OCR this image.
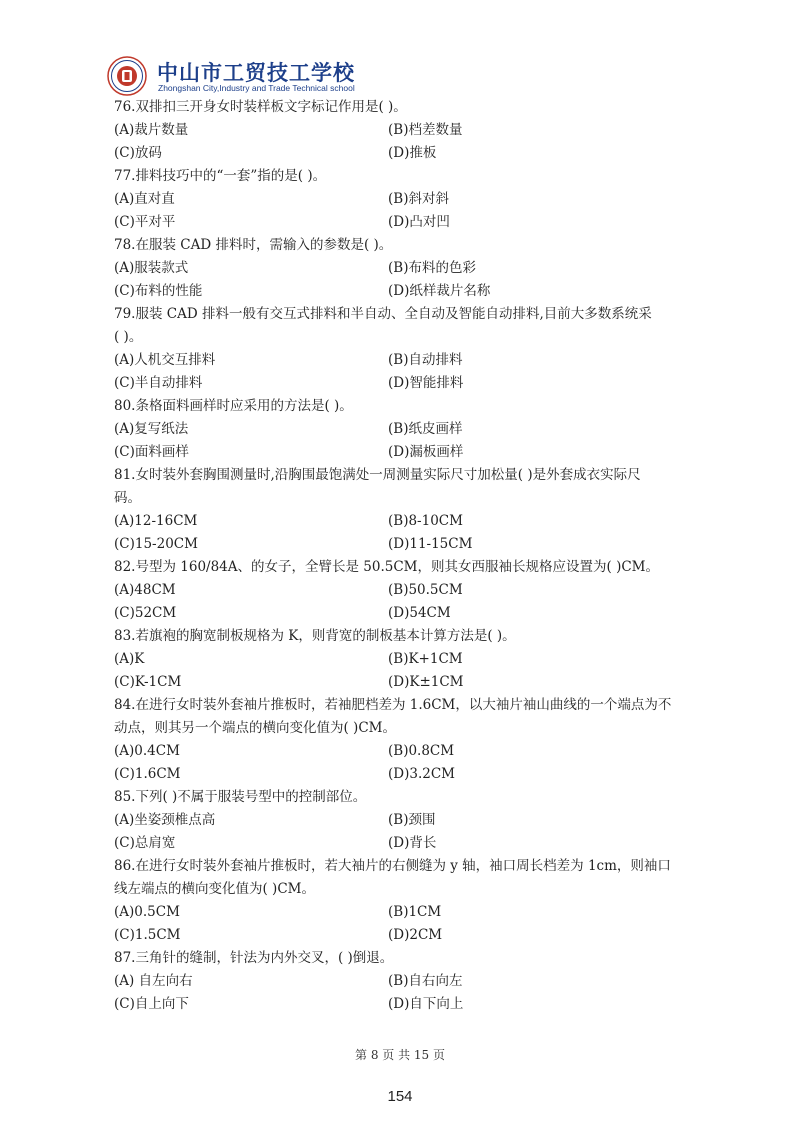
中山市工贸技工学校
Zhongshan City,Industry and Trade Technical school
76.双排扣三开身女时装样板文字标记作用是( )。
(A)裁片数量	(B)档差数量
(C)放码	(D)推板
77.排料技巧中的“一套”指的是( )。
(A)直对直	(B)斜对斜
(C)平对平	(D)凸对凹
78.在服装 CAD 排料时，需输入的参数是( )。
(A)服装款式	(B)布料的色彩
(C)布料的性能	(D)纸样裁片名称
79.服装 CAD 排料一般有交互式排料和半自动、全自动及智能自动排料,目前大多数系统采
( )。
(A)人机交互排料	(B)自动排料
(C)半自动排料	(D)智能排料
80.条格面料画样时应采用的方法是( )。
(A)复写纸法	(B)纸皮画样
(C)面料画样	(D)漏板画样
81.女时装外套胸围测量时,沿胸围最饱满处一周测量实际尺寸加松量( )是外套成衣实际尺
码。
(A)12-16CM	(B)8-10CM
(C)15-20CM	(D)11-15CM
82.号型为 160/84A、的女子，全臂长是 50.5CM，则其女西服袖长规格应设置为( )CM。
(A)48CM	(B)50.5CM
(C)52CM	(D)54CM
83.若旗袍的胸宽制板规格为 K，则背宽的制板基本计算方法是( )。
(A)K	(B)K+1CM
(C)K-1CM	(D)K±1CM
84.在进行女时装外套袖片推板时，若袖肥档差为 1.6CM，以大袖片袖山曲线的一个端点为不
动点，则其另一个端点的横向变化值为( )CM。
(A)0.4CM	(B)0.8CM
(C)1.6CM	(D)3.2CM
85.下列( )不属于服装号型中的控制部位。
(A)坐姿颈椎点高	(B)颈围
(C)总肩宽	(D)背长
86.在进行女时装外套袖片推板时，若大袖片的右侧缝为 y 轴，袖口周长档差为 1cm，则袖口
线左端点的横向变化值为( )CM。
(A)0.5CM	(B)1CM
(C)1.5CM	(D)2CM
87.三角针的缝制，针法为内外交叉，( )倒退。
(A) 自左向右	(B)自右向左
(C)自上向下	(D)自下向上
第 8 页 共 15 页
154
